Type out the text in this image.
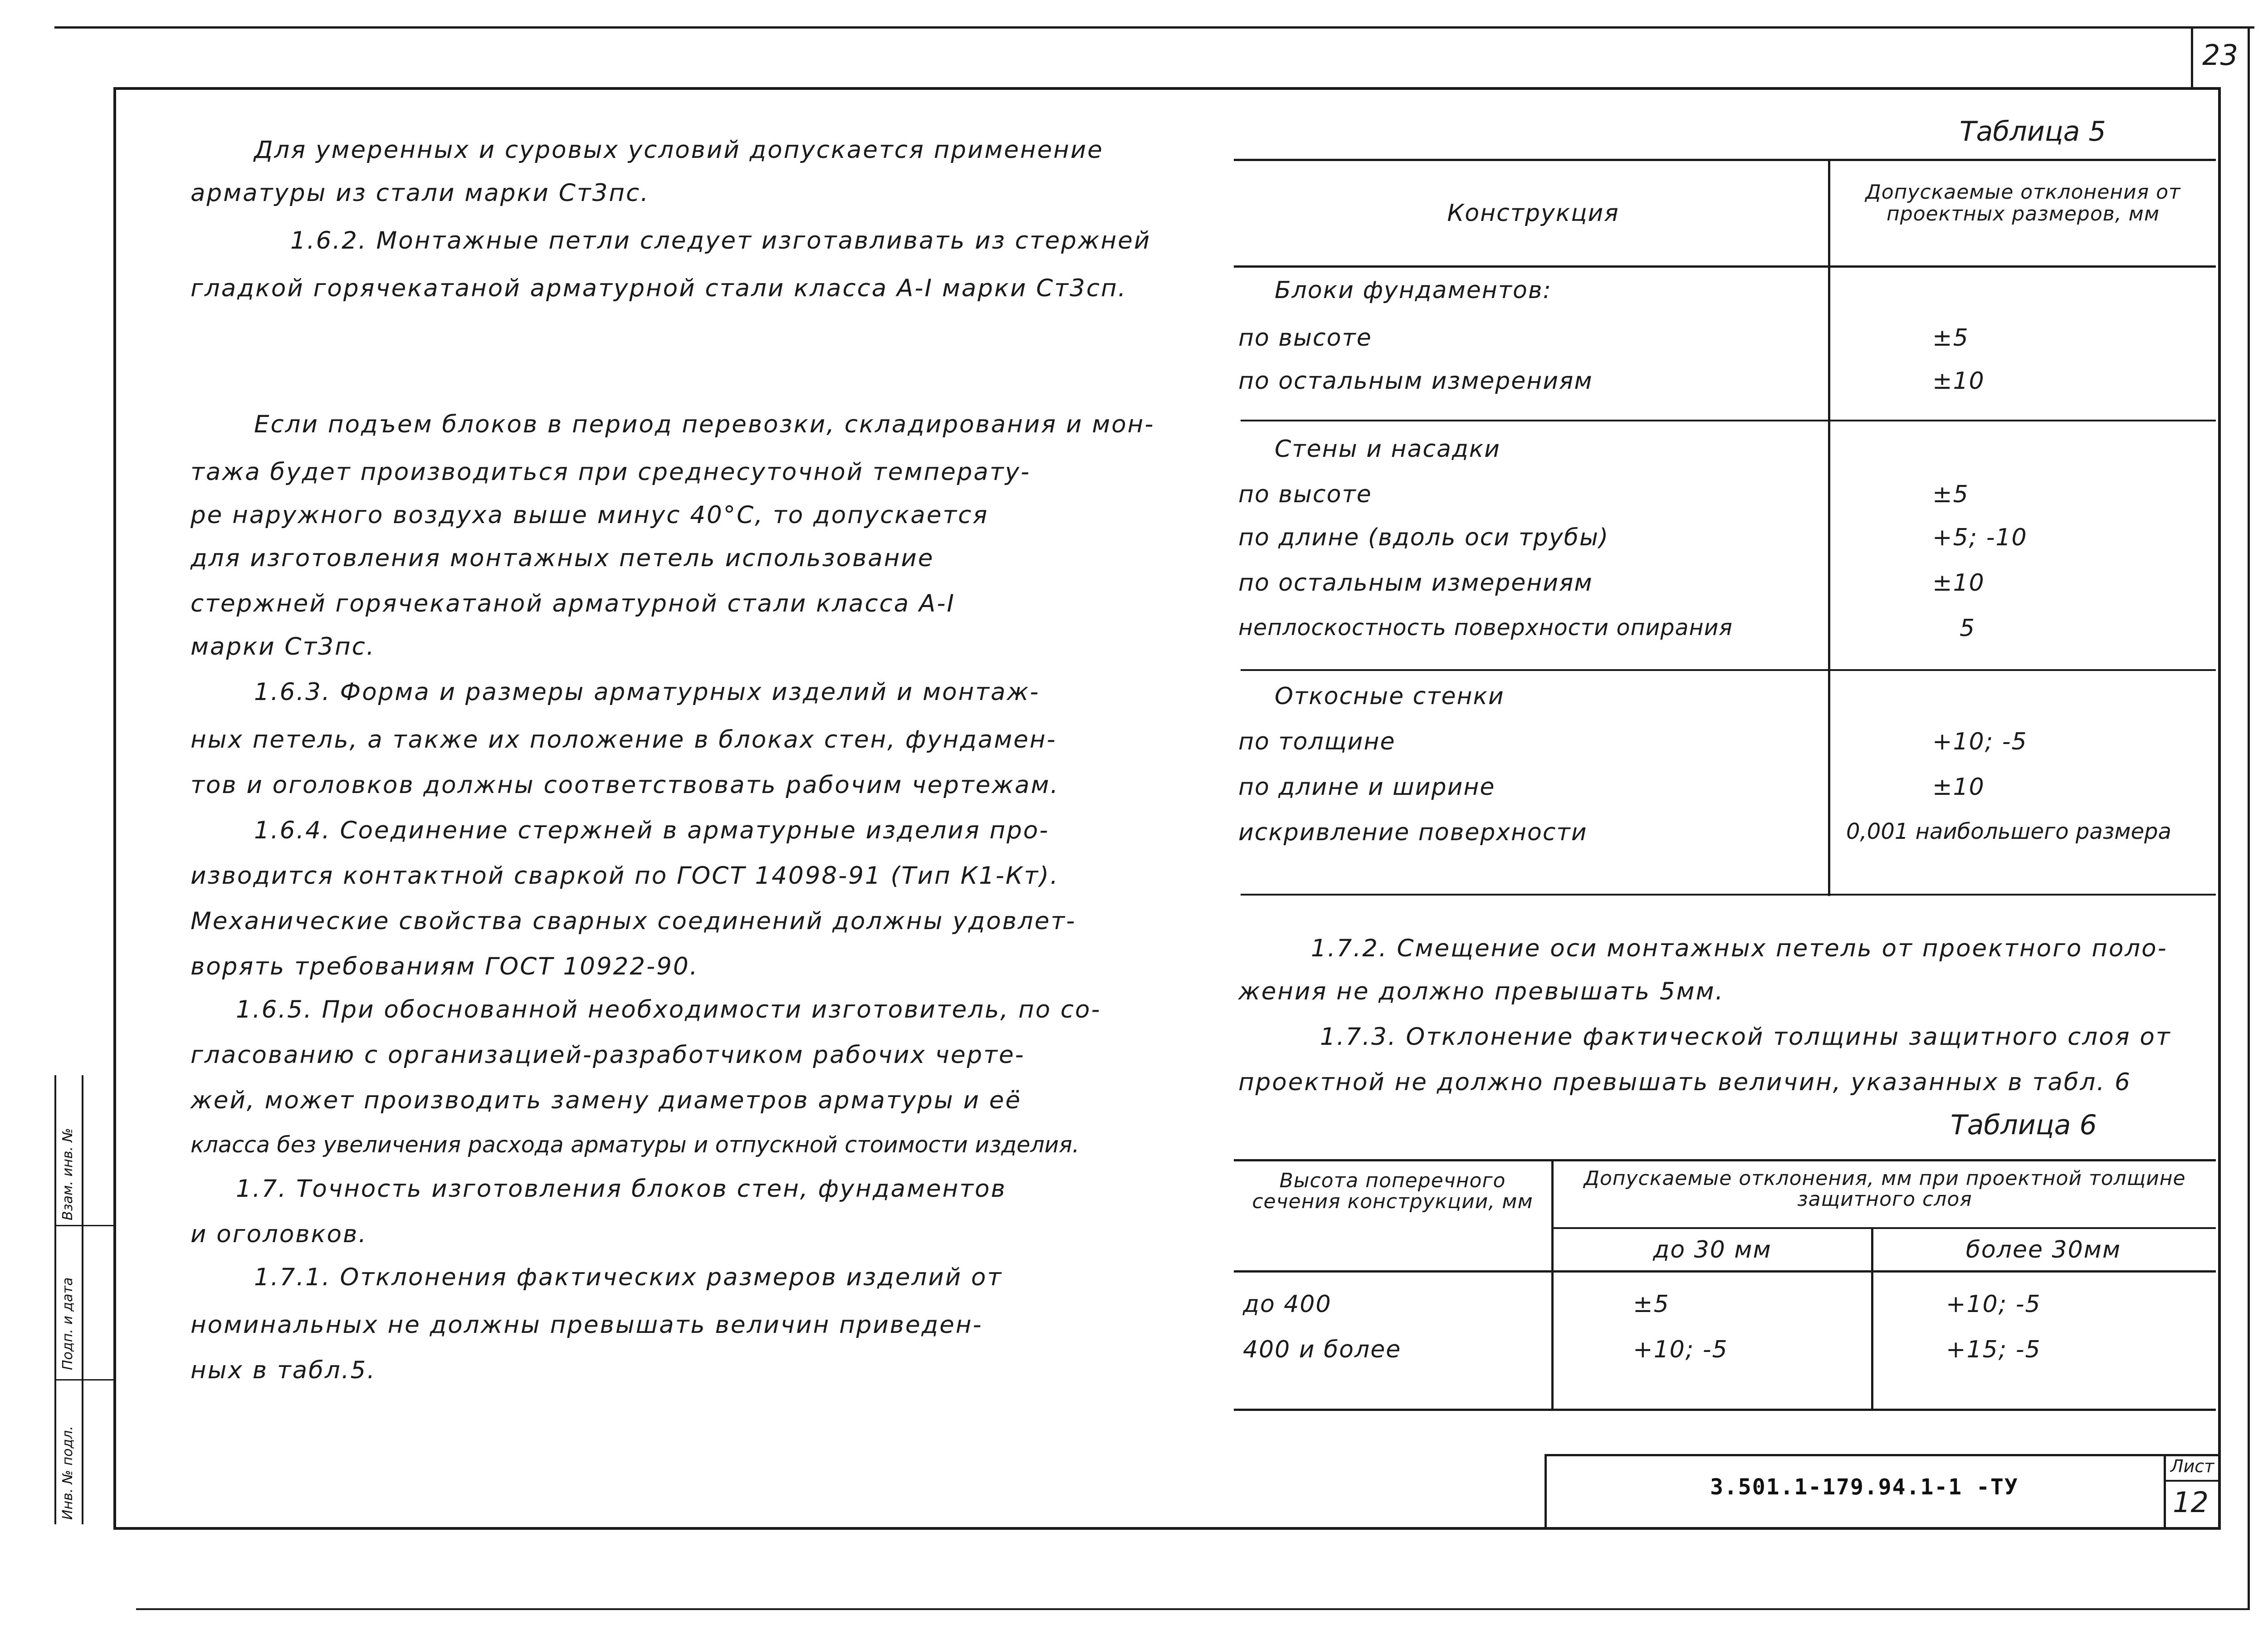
23
Инв. № подл.
Подп. и дата
Взам. инв. №
Для умеренных и суровых условий допускается применение
арматуры из стали марки Ст3пс.
1.6.2. Монтажные петли следует изготавливать из стержней
гладкой горячекатаной арматурной стали класса А-I марки Ст3сп.
Если подъем блоков в период перевозки, складирования и мон-
тажа будет производиться при среднесуточной температу-
ре наружного воздуха выше минус 40°С, то допускается
для изготовления монтажных петель использование
стержней горячекатаной арматурной стали класса А-I
марки Ст3пс.
1.6.3. Форма и размеры арматурных изделий и монтаж-
ных петель, а также их положение в блоках стен, фундамен-
тов и оголовков должны соответствовать рабочим чертежам.
1.6.4. Соединение стержней в арматурные изделия про-
изводится контактной сваркой по ГОСТ 14098-91 (Тип К1-Кт).
Механические свойства сварных соединений должны удовлет-
ворять требованиям ГОСТ 10922-90.
1.6.5. При обоснованной необходимости изготовитель, по со-
гласованию с организацией-разработчиком рабочих чертe-
жей, может производить замену диаметров арматуры и её
класса без увеличения расхода арматуры и отпускной стоимости изделия.
1.7. Точность изготовления блоков стен, фундаментов
и оголовков.
1.7.1. Отклонения фактических размеров изделий от
номинальных не должны превышать величин приведен-
ных в табл.5.
Таблица 5
Конструкция
Допускаемые отклонения от проектных размеров, мм
Блоки фундаментов:
по высоте	±5
по остальным измерениям	±10
Стены и насадки
по высоте	±5
по длине (вдоль оси трубы)	+5; -10
по остальным измерениям	±10
неплоскостность поверхности опирания	5
Откосные стенки
по толщине	+10; -5
по длине и ширине	±10
искривление поверхности	0,001 наибольшего размера
1.7.2. Смещение оси монтажных петель от проектного поло-
жения не должно превышать 5мм.
1.7.3. Отклонение фактической толщины защитного слоя от
проектной не должно превышать величин, указанных в табл. 6
Таблица 6
Высота поперечного сечения конструкции, мм
Допускаемые отклонения, мм при проектной толщине защитного слоя
до 30 мм	более 30мм
до 400	±5	+10; -5
400 и более	+10; -5	+15; -5
3.501.1-179.94.1-1 -ТУ
Лист
12
